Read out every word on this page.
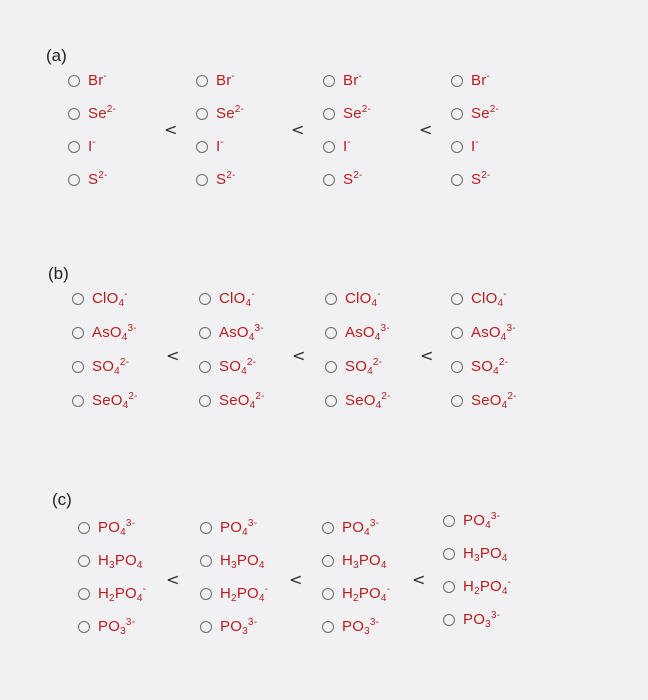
(a)
Br-
$Se^{2-}$
I-
$S^{2-}$
Br-
$Se^{2-}$
I-
$S^{2-}$
Br-
$Se^{2-}$
I-
$S^{2-}$
Br-
$Se^{2-}$
I-
$S^{2-}$
<	<	<
(b)
ClO$_4$-
AsO$_4^{3-}$
$SO_4^{2-}$
SeO$_4^{2-}$
ClO$_4$-
AsO$_4^{3-}$
$SO_4^{2-}$
SeO$_4^{2-}$
ClO$_4$-
AsO$_4^{3-}$
$SO_4^{2-}$
SeO$_4^{2-}$
ClO$_4$-
AsO$_4^{3-}$
$SO_4^{2-}$
SeO$_4^{2-}$
<	<	<
(c)
$PO_4^{3-}$
$H_3PO_4$
$H_2PO_4^-$
$PO_3^{3-}$
$PO_4^{3-}$
$H_3PO_4$
$H_2PO_4^-$
$PO_3^{3-}$
$PO_4^{3-}$
$H_3PO_4$
$H_2PO_4^-$
$PO_3^{3-}$
$PO_4^{3-}$
$H_3PO_4$
$H_2PO_4^-$
$PO_3^{3-}$
<	<	<
